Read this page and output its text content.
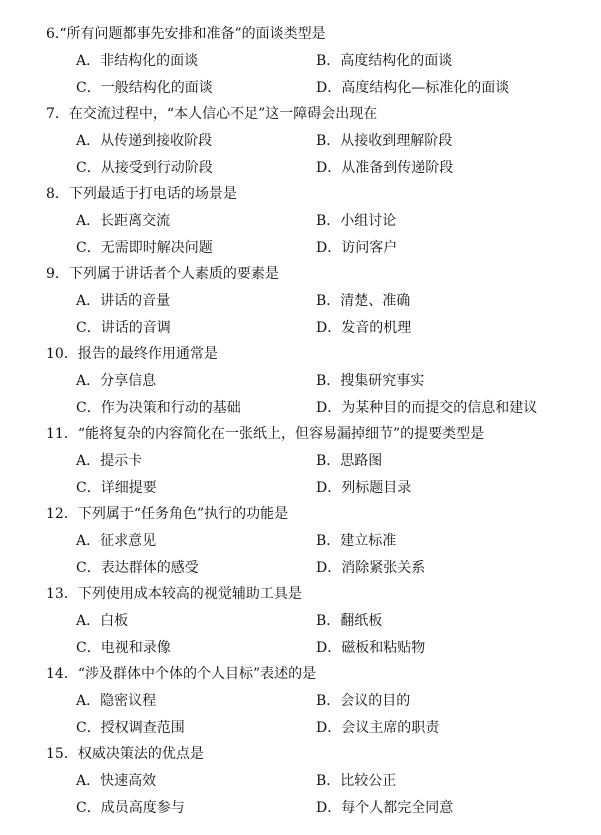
6.“所有问题都事先安排和准备”的面谈类型是
A．非结构化的面谈	B．高度结构化的面谈
C．一般结构化的面谈	D．高度结构化—标准化的面谈
7．在交流过程中，“本人信心不足”这一障碍会出现在
A．从传递到接收阶段	B．从接收到理解阶段
C．从接受到行动阶段	D．从准备到传递阶段
8．下列最适于打电话的场景是
A．长距离交流	B．小组讨论
C．无需即时解决问题	D．访问客户
9．下列属于讲话者个人素质的要素是
A．讲话的音量	B．清楚、准确
C．讲话的音调	D．发音的机理
10．报告的最终作用通常是
A．分享信息	B．搜集研究事实
C．作为决策和行动的基础	D．为某种目的而提交的信息和建议
11．“能将复杂的内容简化在一张纸上，但容易漏掉细节”的提要类型是
A．提示卡	B．思路图
C．详细提要	D．列标题目录
12．下列属于“任务角色”执行的功能是
A．征求意见	B．建立标准
C．表达群体的感受	D．消除紧张关系
13．下列使用成本较高的视觉辅助工具是
A．白板	B．翻纸板
C．电视和录像	D．磁板和粘贴物
14．“涉及群体中个体的个人目标”表述的是
A．隐密议程	B．会议的目的
C．授权调查范围	D．会议主席的职责
15．权威决策法的优点是
A．快速高效	B．比较公正
C．成员高度参与	D．每个人都完全同意
